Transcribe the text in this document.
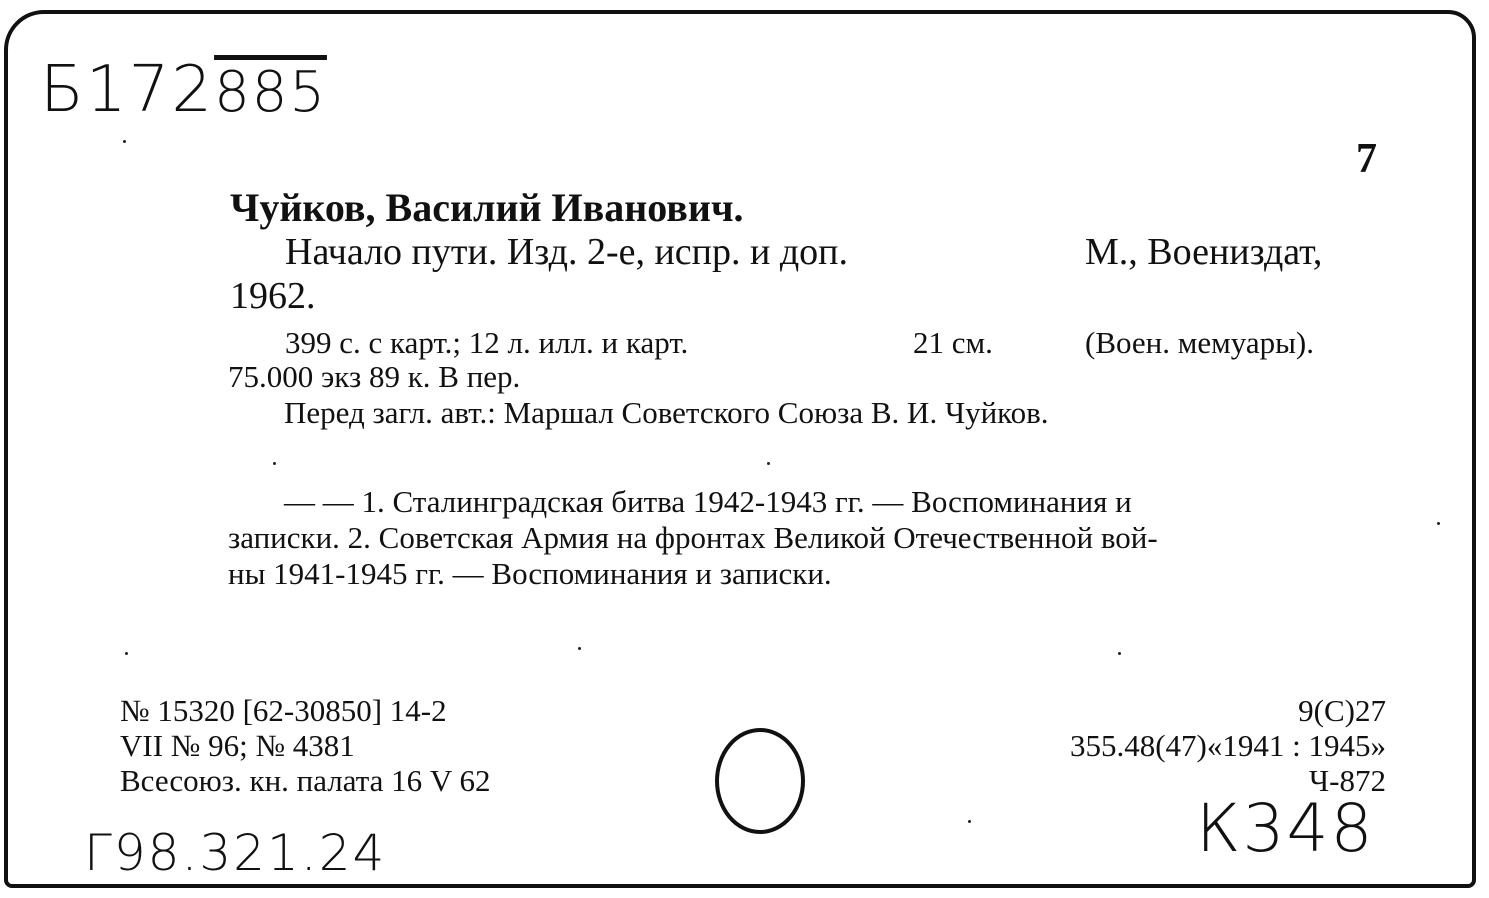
Б172885
7
Чуйков, Василий Иванович.
Начало пути. Изд. 2-е, испр. и доп.	М., Воениздат,
1962.
399 с. с карт.; 12 л. илл. и карт.	21 см.	(Воен. мемуары).
75.000 экз 89 к. В пер.
Перед загл. авт.: Маршал Советского Союза В. И. Чуйков.
— — 1. Сталинградская битва 1942-1943 гг. — Воспоминания и
записки. 2. Советская Армия на фронтах Великой Отечественной вой-
ны 1941-1945 гг. — Воспоминания и записки.
№ 15320 [62-30850] 14-2
VII № 96; № 4381
Всесоюз. кн. палата 16 V 62
9(С)27
355.48(47)«1941 : 1945»
Ч-872
Г98.321.24	К348
